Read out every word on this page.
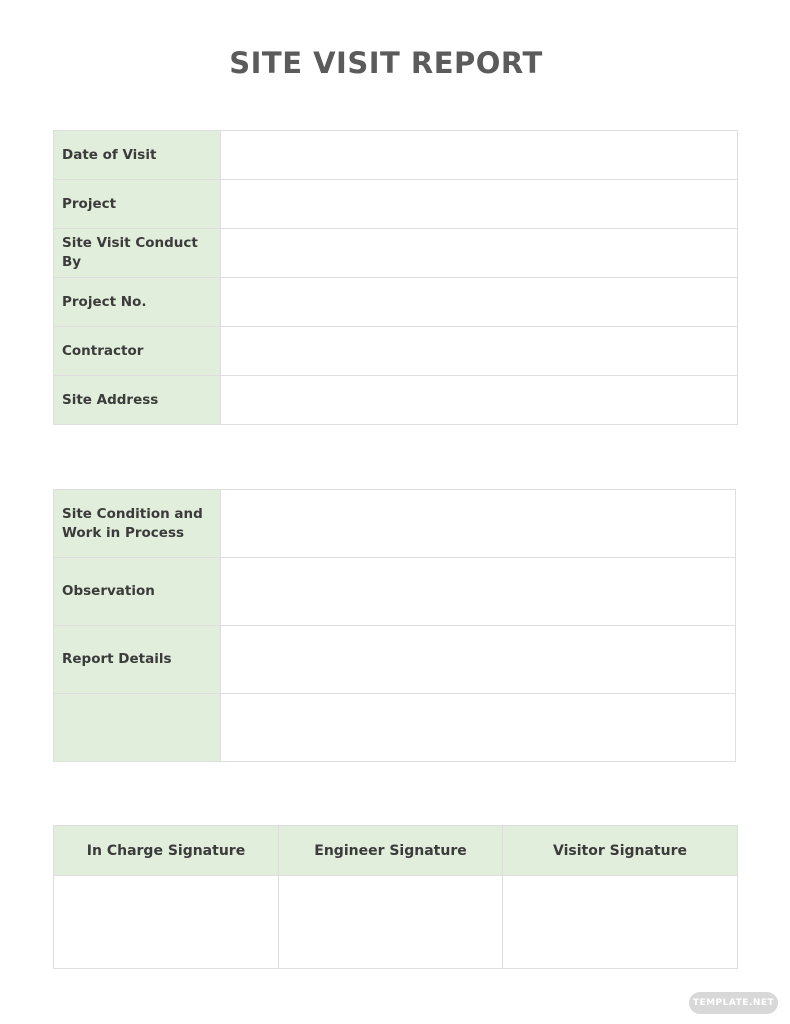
SITE VISIT REPORT
Date of Visit	
Project	
Site Visit Conduct By	
Project No.	
Contractor	
Site Address	
Site Condition and Work in Process	
Observation	
Report Details	

In Charge Signature	Engineer Signature	Visitor Signature

TEMPLATE.NET
